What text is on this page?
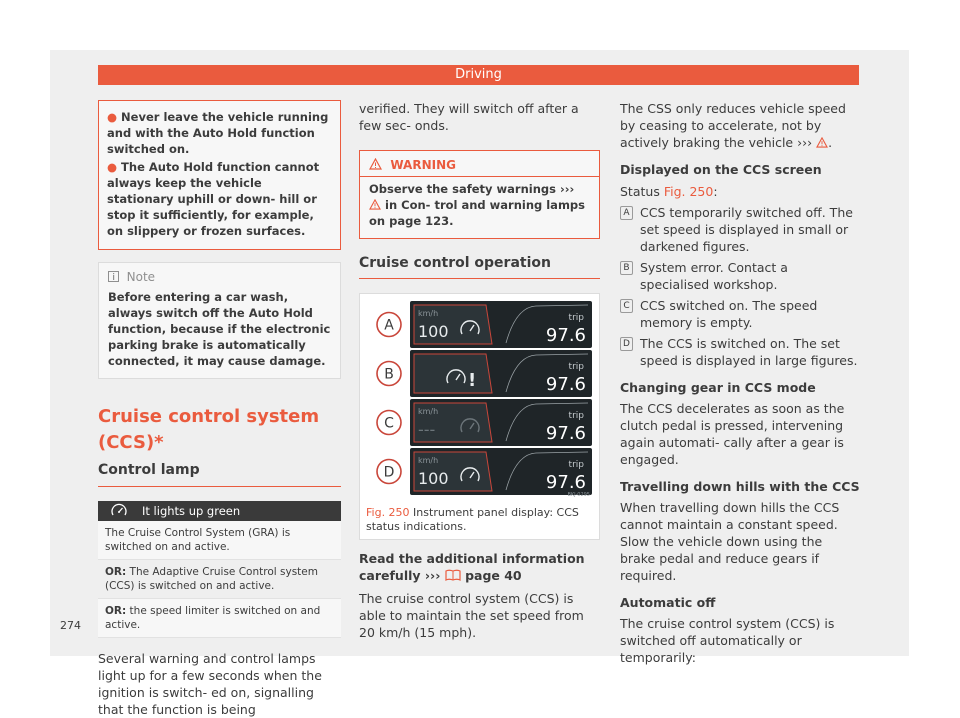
Driving
● Never leave the vehicle running and with the Auto Hold function switched on.
● The Auto Hold function cannot always keep the vehicle stationary uphill or down- hill or stop it sufficiently, for example, on slippery or frozen surfaces.
Note
Before entering a car wash, always switch off the Auto Hold function, because if the electronic parking brake is automatically connected, it may cause damage.
Cruise control system (CCS)*
Control lamp
It lights up green
The Cruise Control System (GRA) is switched on and active.
OR: The Adaptive Cruise Control system (CCS) is switched on and active.
OR: the speed limiter is switched on and active.
Several warning and control lamps light up for a few seconds when the ignition is switch- ed on, signalling that the function is being
verified. They will switch off after a few sec- onds.
WARNING
Observe the safety warnings ›››  in Con- trol and warning lamps on page 123.
Cruise control operation
A
km/h
100
trip
97.6
B	!
trip
97.6
C
km/h
---
trip
97.6
D
km/h
100
trip
97.6
BKJ-0295
Fig. 250 Instrument panel display: CCS status indications.
Read the additional information carefully ›››  page 40
The cruise control system (CCS) is able to maintain the set speed from 20 km/h (15 mph).
The CSS only reduces vehicle speed by ceasing to accelerate, not by actively braking the vehicle ››› .
Displayed on the CCS screen
Status Fig. 250:
A CCS temporarily switched off. The set speed is displayed in small or darkened figures.
B System error. Contact a specialised workshop.
C CCS switched on. The speed memory is empty.
D The CCS is switched on. The set speed is displayed in large figures.
Changing gear in CCS mode
The CCS decelerates as soon as the clutch pedal is pressed, intervening again automati- cally after a gear is engaged.
Travelling down hills with the CCS
When travelling down hills the CCS cannot maintain a constant speed. Slow the vehicle down using the brake pedal and reduce gears if required.
Automatic off
The cruise control system (CCS) is switched off automatically or temporarily:
274
